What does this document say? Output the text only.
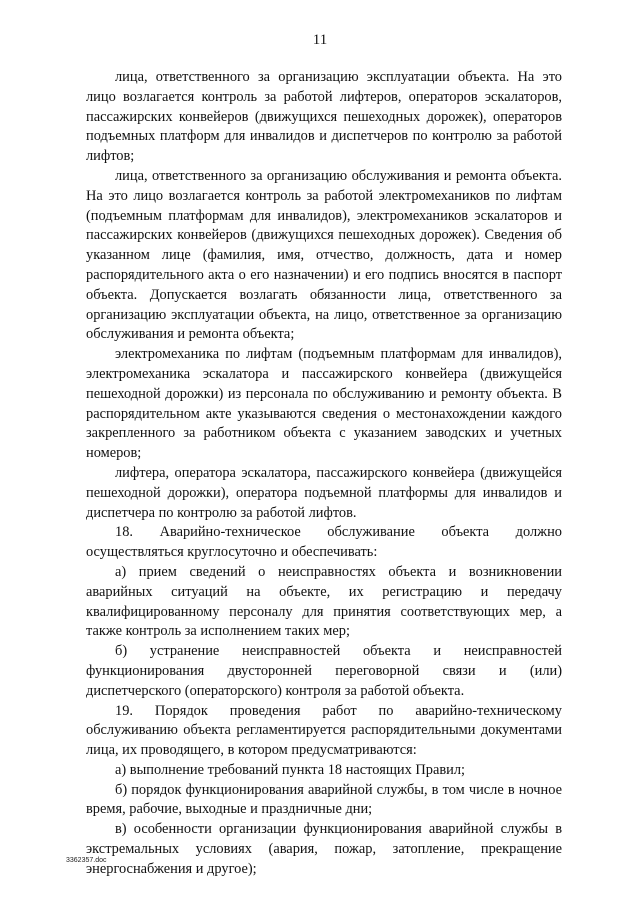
11

лица, ответственного за организацию эксплуатации объекта. На это лицо возлагается контроль за работой лифтеров, операторов эскалаторов, пассажирских конвейеров (движущихся пешеходных дорожек), операторов подъемных платформ для инвалидов и диспетчеров по контролю за работой лифтов;

лица, ответственного за организацию обслуживания и ремонта объекта. На это лицо возлагается контроль за работой электромехаников по лифтам (подъемным платформам для инвалидов), электромехаников эскалаторов и пассажирских конвейеров (движущихся пешеходных дорожек). Сведения об указанном лице (фамилия, имя, отчество, должность, дата и номер распорядительного акта о его назначении) и его подпись вносятся в паспорт объекта. Допускается возлагать обязанности лица, ответственного за организацию эксплуатации объекта, на лицо, ответственное за организацию обслуживания и ремонта объекта;

электромеханика по лифтам (подъемным платформам для инвалидов), электромеханика эскалатора и пассажирского конвейера (движущейся пешеходной дорожки) из персонала по обслуживанию и ремонту объекта. В распорядительном акте указываются сведения о местонахождении каждого закрепленного за работником объекта с указанием заводских и учетных номеров;

лифтера, оператора эскалатора, пассажирского конвейера (движущейся пешеходной дорожки), оператора подъемной платформы для инвалидов и диспетчера по контролю за работой лифтов.

18. Аварийно-техническое обслуживание объекта должно осуществляться круглосуточно и обеспечивать:

а) прием сведений о неисправностях объекта и возникновении аварийных ситуаций на объекте, их регистрацию и передачу квалифицированному персоналу для принятия соответствующих мер, а также контроль за исполнением таких мер;

б) устранение неисправностей объекта и неисправностей функционирования двусторонней переговорной связи и (или) диспетчерского (операторского) контроля за работой объекта.

19. Порядок проведения работ по аварийно-техническому обслуживанию объекта регламентируется распорядительными документами лица, их проводящего, в котором предусматриваются:

а) выполнение требований пункта 18 настоящих Правил;

б) порядок функционирования аварийной службы, в том числе в ночное время, рабочие, выходные и праздничные дни;

в) особенности организации функционирования аварийной службы в экстремальных условиях (авария, пожар, затопление, прекращение энергоснабжения и другое);

3362357.doc
